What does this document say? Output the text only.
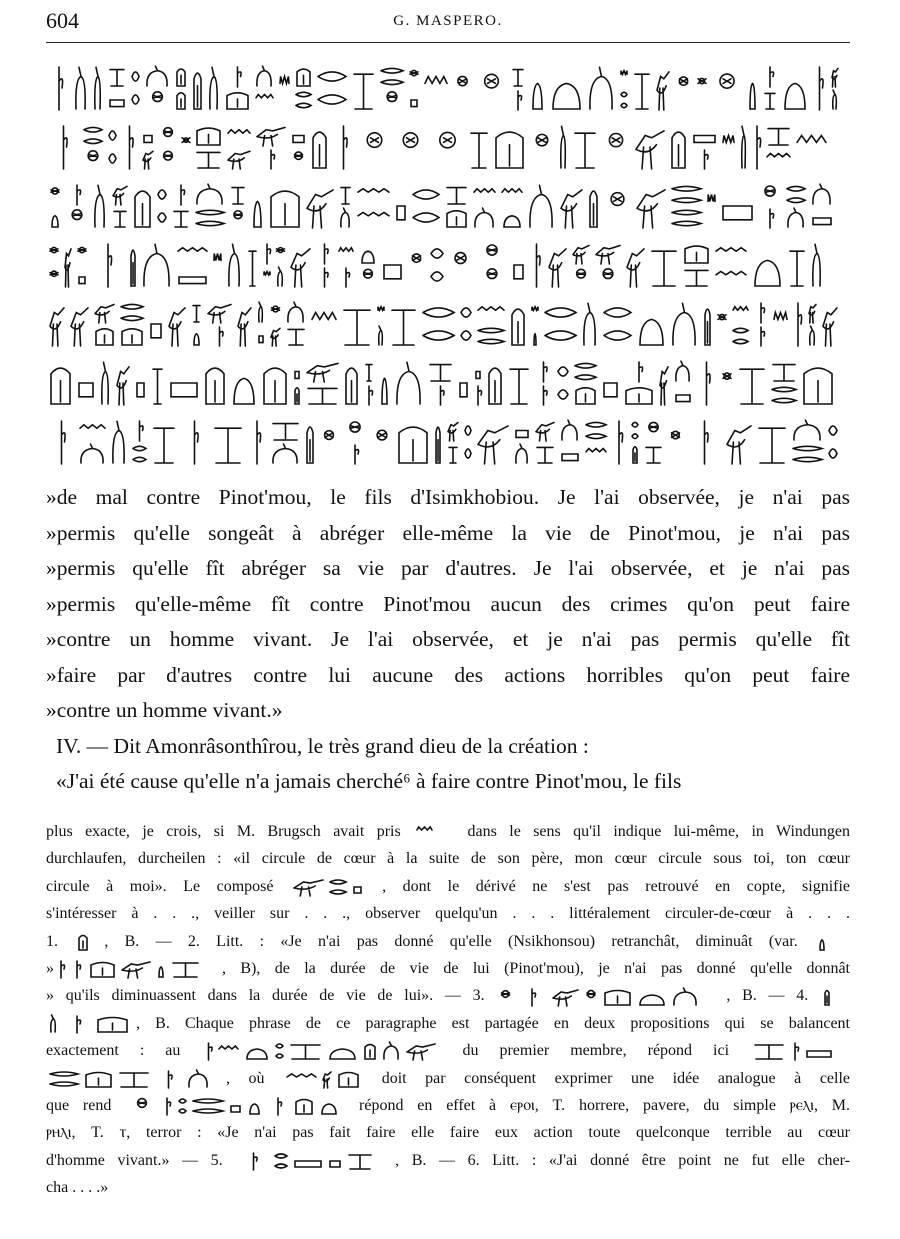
604	G. MASPERO.

»de mal contre Pinot'mou, le fils d'Isimkhobiou. Je l'ai observée, je n'ai pas

»permis qu'elle songeât à abréger elle-même la vie de Pinot'mou, je n'ai pas

»permis qu'elle fît abréger sa vie par d'autres. Je l'ai observée, et je n'ai pas

»permis qu'elle-même fît contre Pinot'mou aucun des crimes qu'on peut faire

»contre un homme vivant. Je l'ai observée, et je n'ai pas permis qu'elle fît

»faire par d'autres contre lui aucune des actions horribles qu'on peut faire

»contre un homme vivant.»

IV. — Dit Amonrâsonthîrou, le très grand dieu de la création :

«J'ai été cause qu'elle n'a jamais cherché⁶ à faire contre Pinot'mou, le fils

plus exacte, je crois, si M. Brugsch avait pris	dans le sens qu'il indique lui-même, in Windungen

durchlaufen, durcheilen : «il circule de cœur à la suite de son père, mon cœur circule sous toi, ton cœur

circule à moi». Le composé	, dont le dérivé ne s'est pas retrouvé en copte, signifie

s'intéresser à . . ., veiller sur . . ., observer quelqu'un . . . littéralement circuler-de-cœur à . . .

1.	, B. — 2. Litt. : «Je n'ai pas donné qu'elle (Nsikhonsou) retranchât, diminuât (var.

»	, B), de la durée de vie de lui (Pinot'mou), je n'ai pas donné qu'elle donnât

» qu'ils diminuassent dans la durée de vie de lui». — 3.	, B. — 4.

, B. Chaque phrase de ce paragraphe est partagée en deux propositions qui se balancent

exactement : au	du premier membre, répond ici

, où	doit par conséquent exprimer une idée analogue à celle

que rend	répond en effet à ⲉⲣⲟⲓ, T. horrere, pavere, du simple ⲣⲉⲗⲓ, M.

ⲣⲏⲗⲓ, T. ⲧ, terror : «Je n'ai pas fait faire elle faire eux action toute quelconque terrible au cœur

d'homme vivant.» — 5.	, B. — 6. Litt. : «J'ai donné être point ne fut elle cher-

cha . . . .»
